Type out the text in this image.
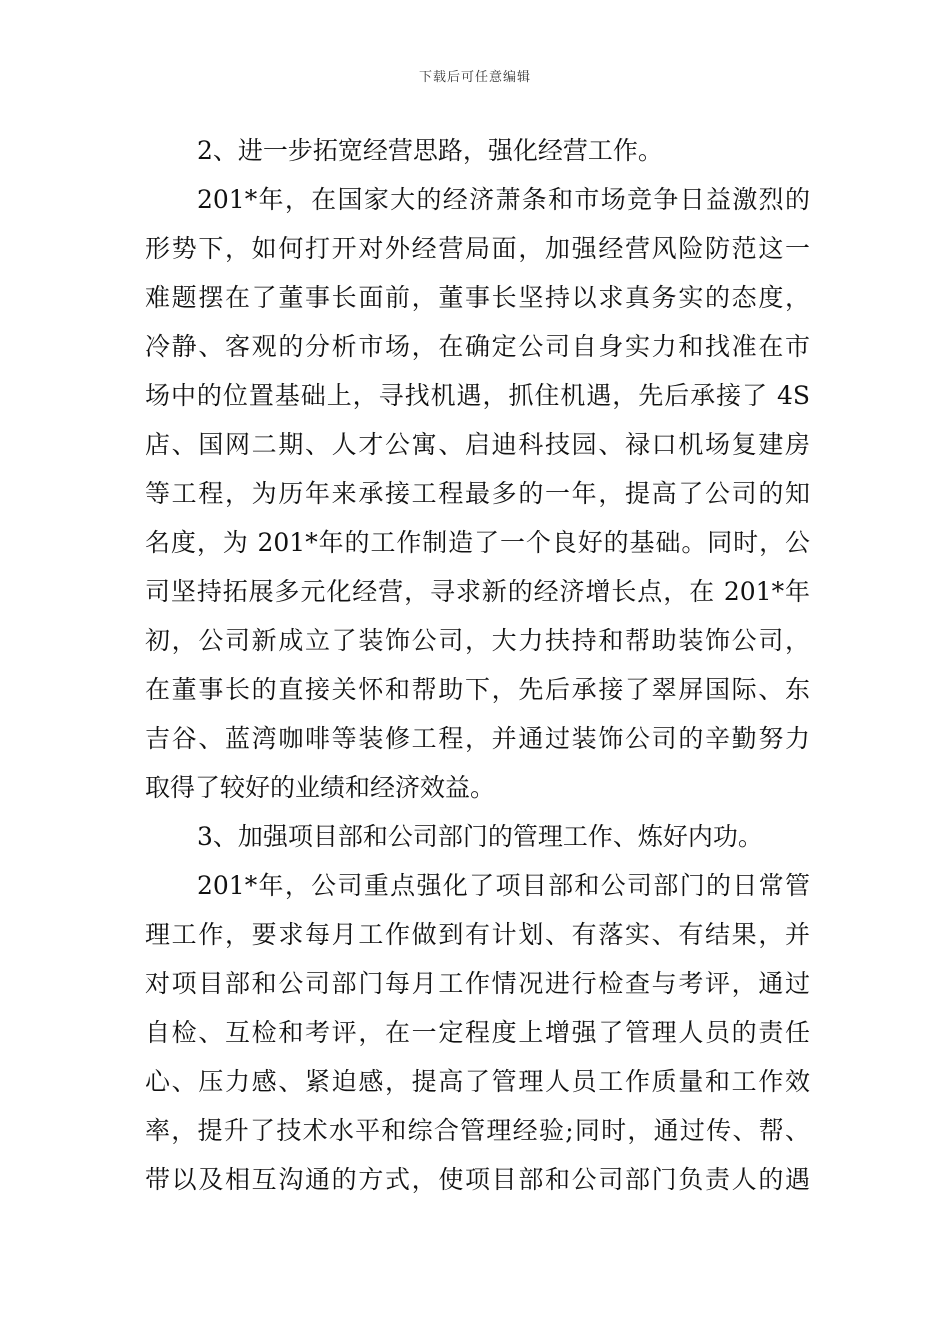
下载后可任意编辑
2、进一步拓宽经营思路，强化经营工作。
201*年，在国家大的经济萧条和市场竞争日益激烈的
形势下，如何打开对外经营局面，加强经营风险防范这一
难题摆在了董事长面前，董事长坚持以求真务实的态度，
冷静、客观的分析市场，在确定公司自身实力和找准在市
场中的位置基础上，寻找机遇，抓住机遇，先后承接了 4S
店、国网二期、人才公寓、启迪科技园、禄口机场复建房
等工程，为历年来承接工程最多的一年，提高了公司的知
名度，为 201*年的工作制造了一个良好的基础。同时，公
司坚持拓展多元化经营，寻求新的经济增长点，在 201*年
初，公司新成立了装饰公司，大力扶持和帮助装饰公司，
在董事长的直接关怀和帮助下，先后承接了翠屏国际、东
吉谷、蓝湾咖啡等装修工程，并通过装饰公司的辛勤努力
取得了较好的业绩和经济效益。
3、加强项目部和公司部门的管理工作、炼好内功。
201*年，公司重点强化了项目部和公司部门的日常管
理工作，要求每月工作做到有计划、有落实、有结果，并
对项目部和公司部门每月工作情况进行检查与考评，通过
自检、互检和考评，在一定程度上增强了管理人员的责任
心、压力感、紧迫感，提高了管理人员工作质量和工作效
率，提升了技术水平和综合管理经验;同时，通过传、帮、
带以及相互沟通的方式，使项目部和公司部门负责人的遇
